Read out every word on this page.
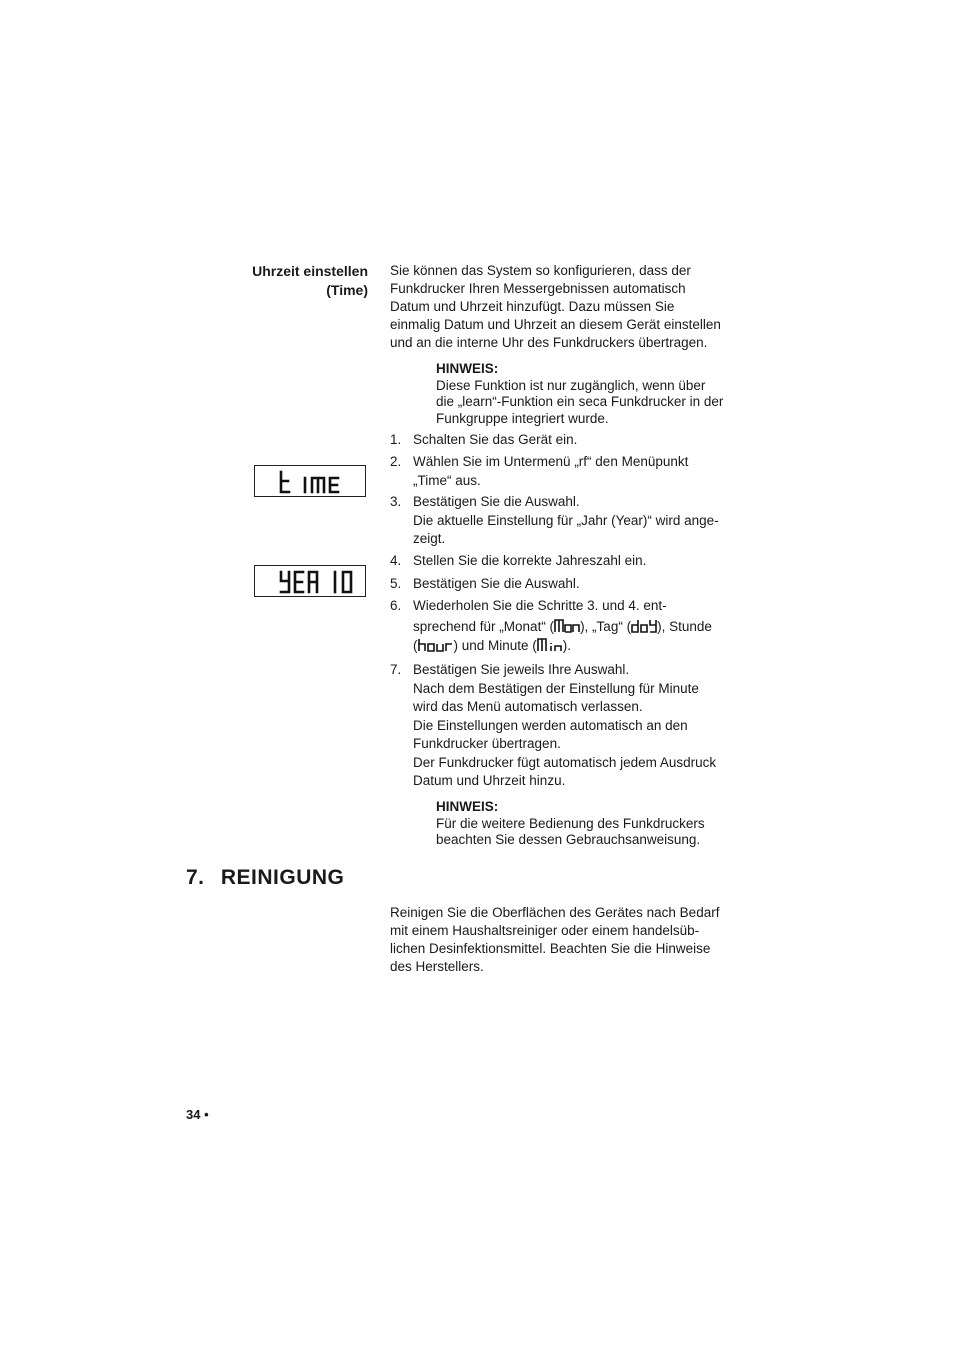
Uhrzeit einstellen
(Time)
Sie können das System so konfigurieren, dass der
Funkdrucker Ihren Messergebnissen automatisch
Datum und Uhrzeit hinzufügt. Dazu müssen Sie
einmalig Datum und Uhrzeit an diesem Gerät einstellen
und an die interne Uhr des Funkdruckers übertragen.
HINWEIS:
Diese Funktion ist nur zugänglich, wenn über
die „learn“-Funktion ein seca Funkdrucker in der
Funkgruppe integriert wurde.
1. Schalten Sie das Gerät ein.
2. Wählen Sie im Untermenü „rf“ den Menüpunkt
„Time“ aus.
3. Bestätigen Sie die Auswahl.
Die aktuelle Einstellung für „Jahr (Year)“ wird ange-
zeigt.
4. Stellen Sie die korrekte Jahreszahl ein.
5. Bestätigen Sie die Auswahl.
6. Wiederholen Sie die Schritte 3. und 4. ent-
sprechend für „Monat“ ( ), „Tag“ ( ), Stunde
(	) und Minute ( ).
7. Bestätigen Sie jeweils Ihre Auswahl.
Nach dem Bestätigen der Einstellung für Minute
wird das Menü automatisch verlassen.
Die Einstellungen werden automatisch an den
Funkdrucker übertragen.
Der Funkdrucker fügt automatisch jedem Ausdruck
Datum und Uhrzeit hinzu.
HINWEIS:
Für die weitere Bedienung des Funkdruckers
beachten Sie dessen Gebrauchsanweisung.
7. REINIGUNG
Reinigen Sie die Oberflächen des Gerätes nach Bedarf
mit einem Haushaltsreiniger oder einem handelsüb-
lichen Desinfektionsmittel. Beachten Sie die Hinweise
des Herstellers.
34 •
